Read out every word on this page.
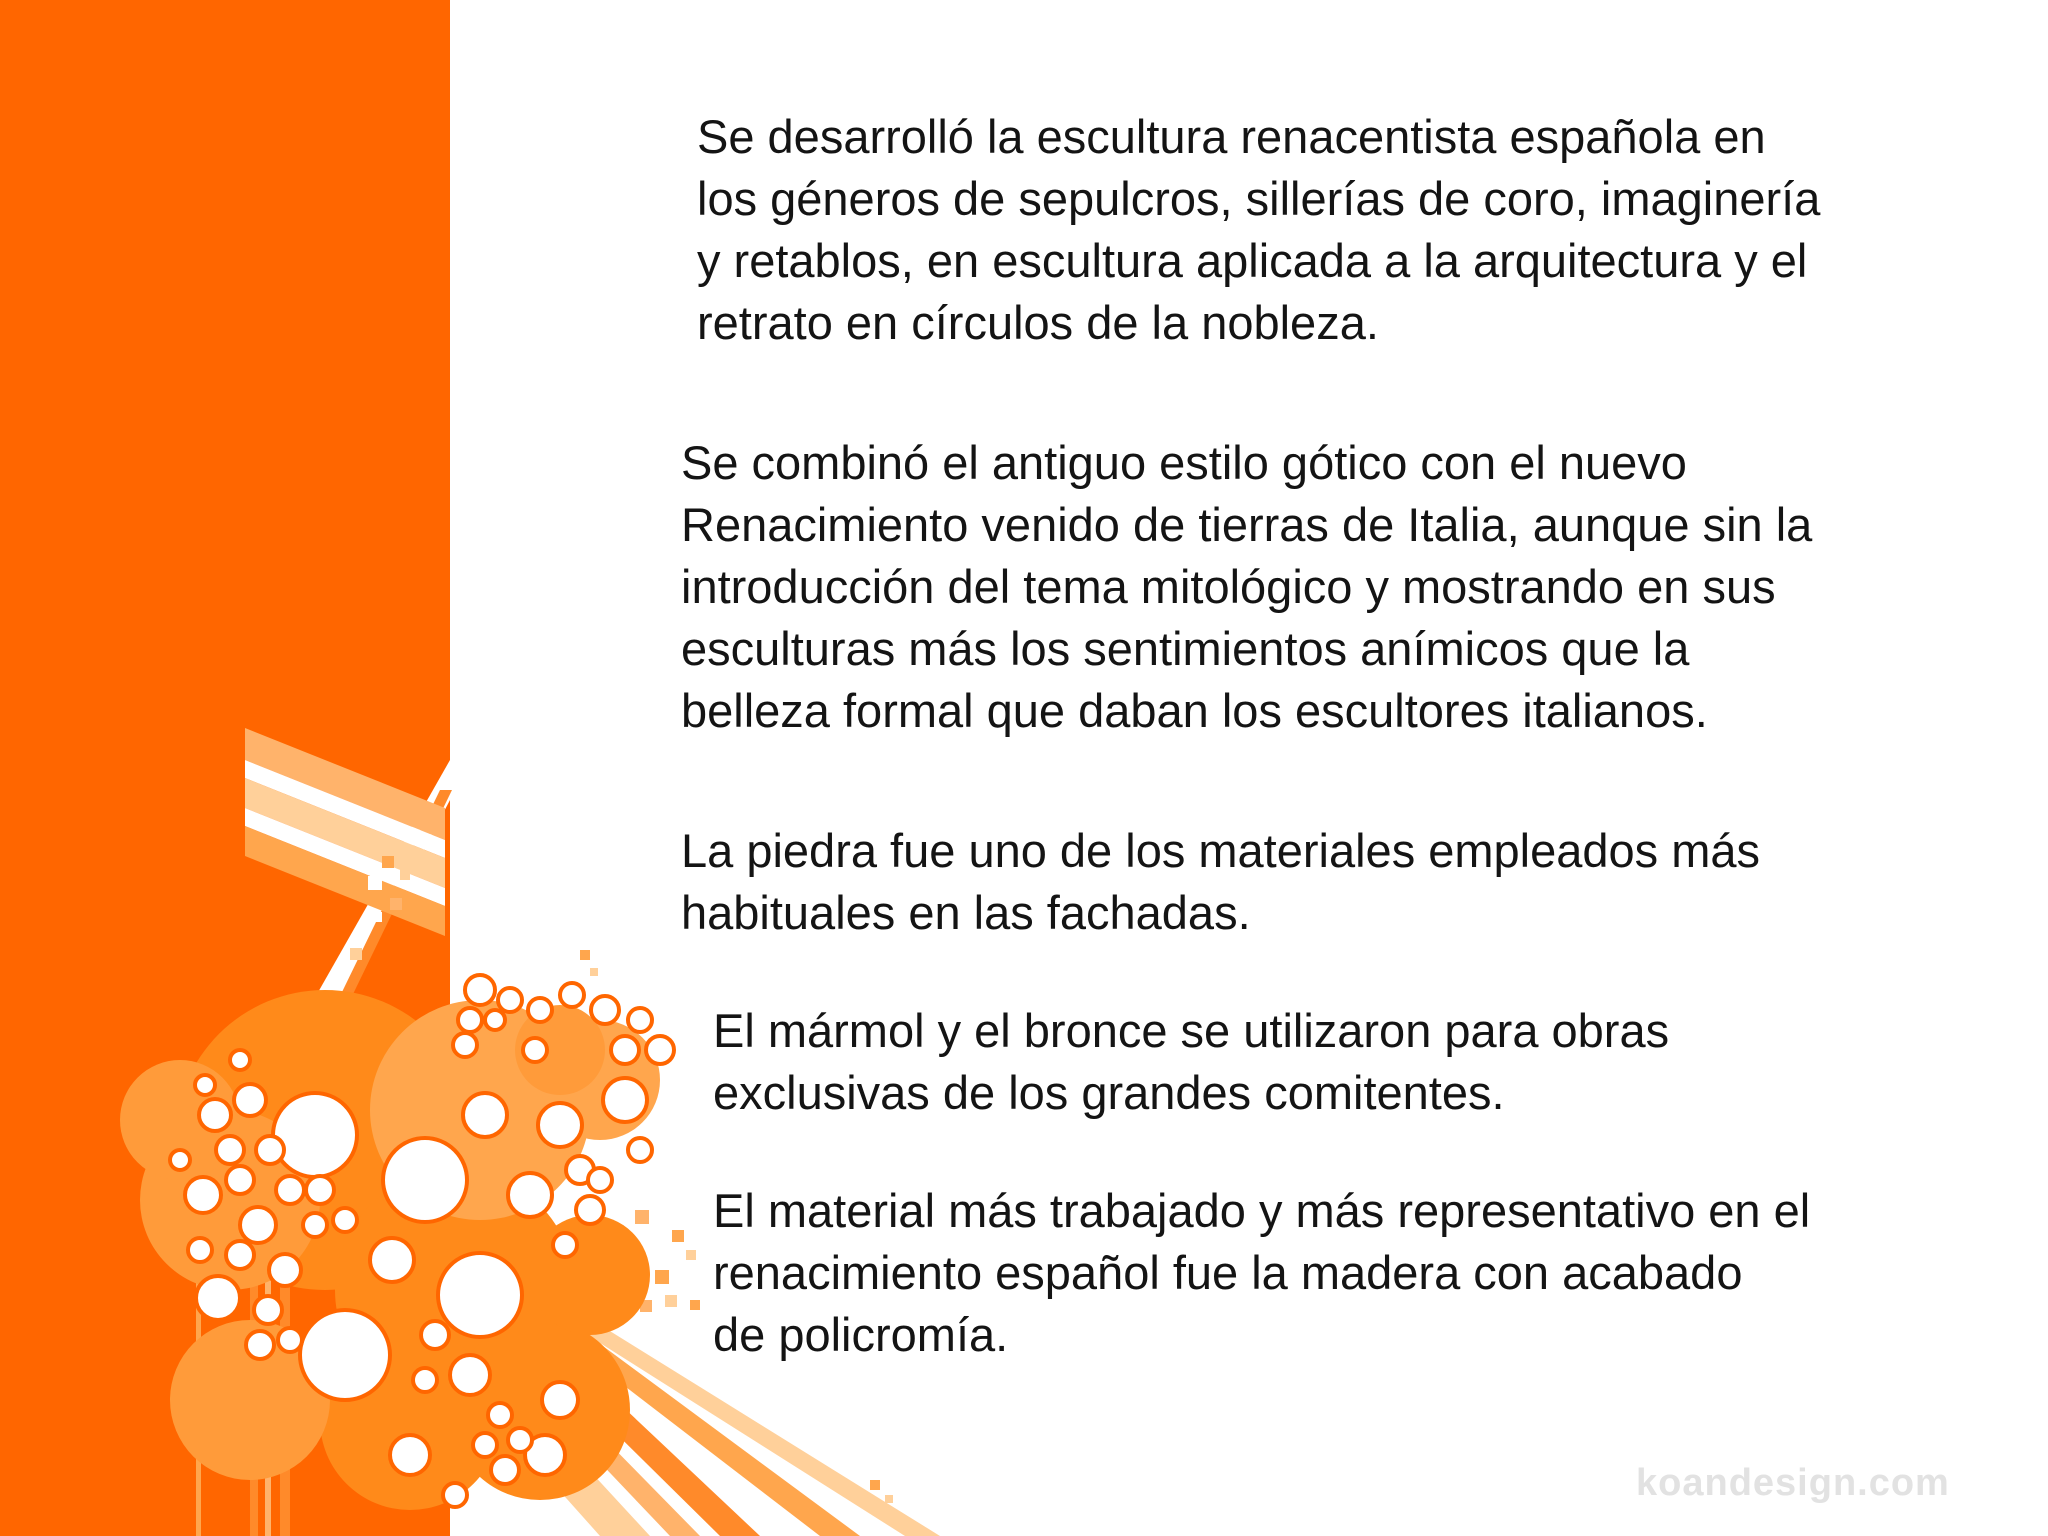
Se desarrolló la escultura renacentista española en
los géneros de sepulcros, sillerías de coro, imaginería
y retablos, en escultura aplicada a la arquitectura y el
retrato en círculos de la nobleza.

Se combinó el antiguo estilo gótico con el nuevo
Renacimiento venido de tierras de Italia, aunque sin la
introducción del tema mitológico y mostrando en sus
esculturas más los sentimientos anímicos que la
belleza formal que daban los escultores italianos.

La piedra fue uno de los materiales empleados más
habituales en las fachadas.

El mármol y el bronce se utilizaron para obras
exclusivas de los grandes comitentes.

El material más trabajado y más representativo en el
renacimiento español fue la madera con acabado
de policromía.

koandesign.com
